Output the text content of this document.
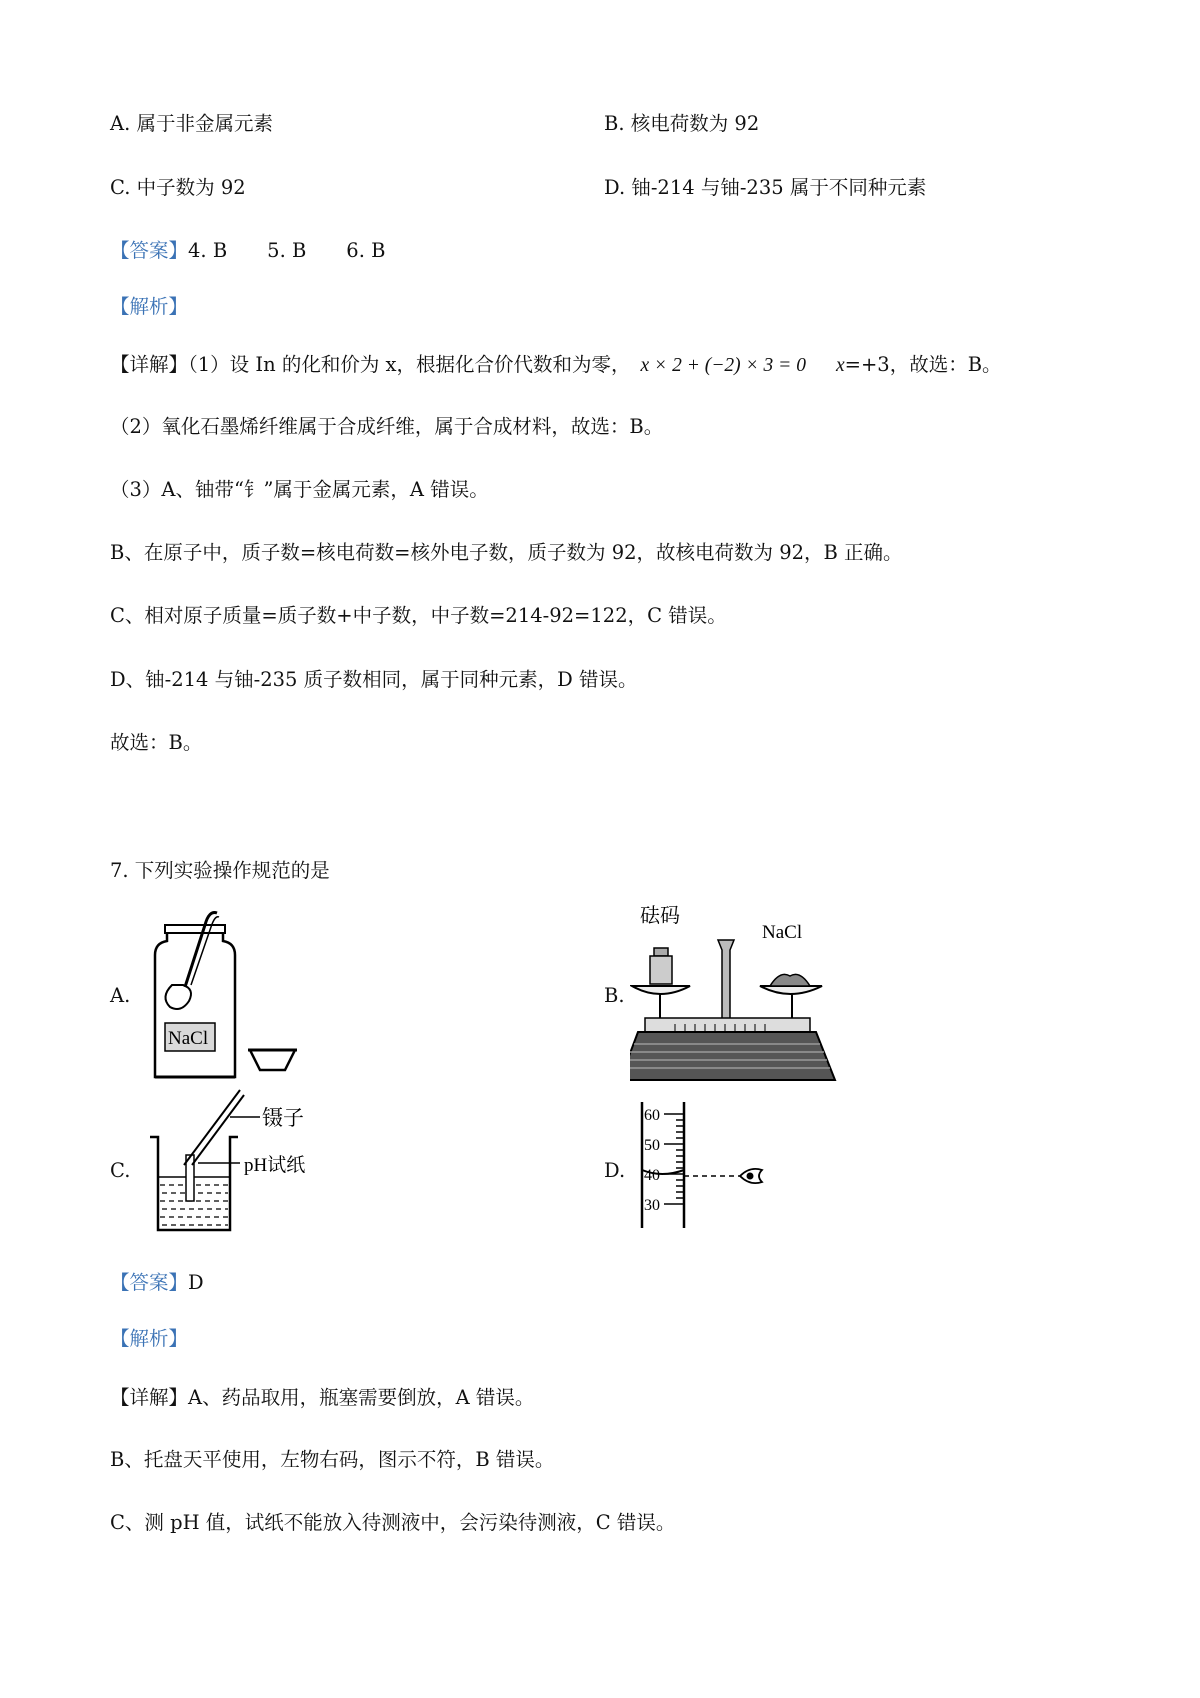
A. 属于非金属元素	B. 核电荷数为 92
C. 中子数为 92	D. 铀-214 与铀-235 属于不同种元素
【答案】4. B 5. B 6. B
【解析】
【详解】（1）设 In 的化和价为 x，根据化合价代数和为零， x × 2 + (−2) × 3 = 0 x=+3，故选：B。
（2）氧化石墨烯纤维属于合成纤维，属于合成材料，故选：B。
（3）A、铀带“钅”属于金属元素，A 错误。
B、在原子中，质子数=核电荷数=核外电子数，质子数为 92，故核电荷数为 92，B 正确。
C、相对原子质量=质子数+中子数，中子数=214-92=122，C 错误。
D、铀-214 与铀-235 质子数相同，属于同种元素，D 错误。
故选：B。
7. 下列实验操作规范的是
A.	B.
C.	D.
NaCl
砝码
NaCl
镊子
pH试纸
60
50
40
30
【答案】D
【解析】
【详解】A、药品取用，瓶塞需要倒放，A 错误。
B、托盘天平使用，左物右码，图示不符，B 错误。
C、测 pH 值，试纸不能放入待测液中，会污染待测液，C 错误。
